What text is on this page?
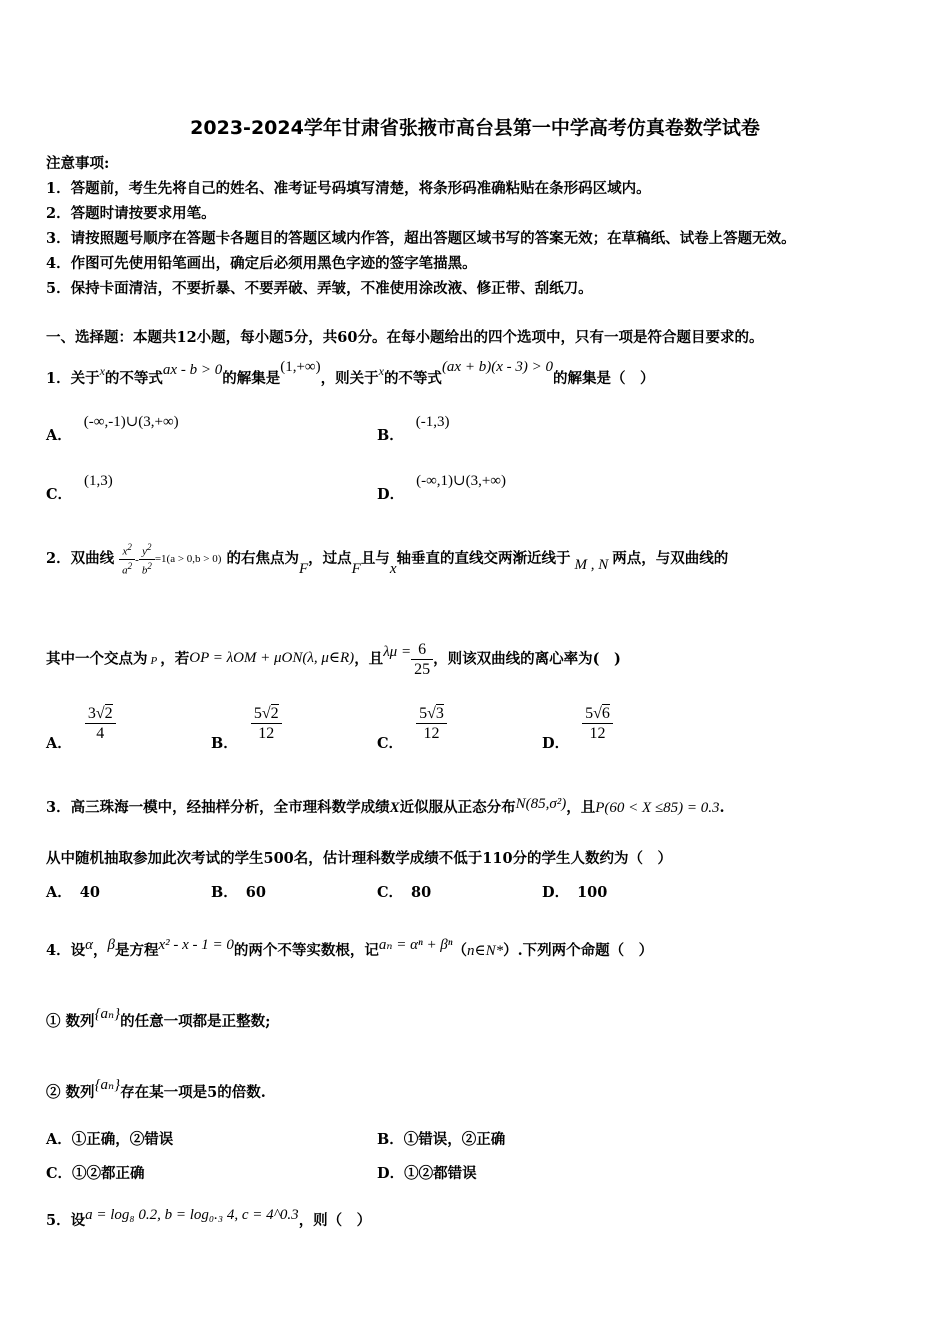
2023-2024学年甘肃省张掖市高台县第一中学高考仿真卷数学试卷
注意事项:
1．答题前，考生先将自己的姓名、准考证号码填写清楚，将条形码准确粘贴在条形码区域内。
2．答题时请按要求用笔。
3．请按照题号顺序在答题卡各题目的答题区域内作答，超出答题区域书写的答案无效；在草稿纸、试卷上答题无效。
4．作图可先使用铅笔画出，确定后必须用黑色字迹的签字笔描黑。
5．保持卡面清洁，不要折暴、不要弄破、弄皱，不准使用涂改液、修正带、刮纸刀。
一、选择题：本题共12小题，每小题5分，共60分。在每小题给出的四个选项中，只有一项是符合题目要求的。
1．关于$^x$的不等式ax - b > 0的解集是(1,+∞)，则关于$^x$的不等式(ax + b)(x - 3) > 0的解集是（　）
A．(-∞,-1)∪(3,+∞)
B．(-1,3)
C．(1,3)
D．(-∞,1)∪(3,+∞)
2．双曲线 $\frac{x^2}{a^2} - \frac{y^2}{b^2} =1(a > 0,b > 0)$ 的右焦点为F，过点F且与x轴垂直的直线交两渐近线于 M , N 两点，与双曲线的
其中一个交点为 P ，若OP = λOM + μON(λ, μ∈R)，且$\lambda\mu = \frac{6}{25}$ ，则该双曲线的离心率为(　)
A． $\frac{3√2}{4}$	B． $\frac{5√2}{12}$	C． $\frac{5√3}{12}$	D． $\frac{5√6}{12}$
3．高三珠海一模中，经抽样分析，全市理科数学成绩X近似服从正态分布N(85,σ²)，且P(60 < X ≤85) = 0.3.
从中随机抽取参加此次考试的学生500名，估计理科数学成绩不低于110分的学生人数约为（　）
A． 40	B． 60	C． 80	D． 100
4．设α，β是方程x² - x - 1 = 0的两个不等实数根，记aₙ = αⁿ + βⁿ（n∈N*）.下列两个命题（　）
① 数列{aₙ}的任意一项都是正整数;
② 数列{aₙ}存在某一项是5的倍数.
A．①正确，②错误	B．①错误，②正确
C．①②都正确	D．①②都错误
5．设a = log₈ 0.2, b = log₀.₃ 4, c = 4^0.3，则（　）
